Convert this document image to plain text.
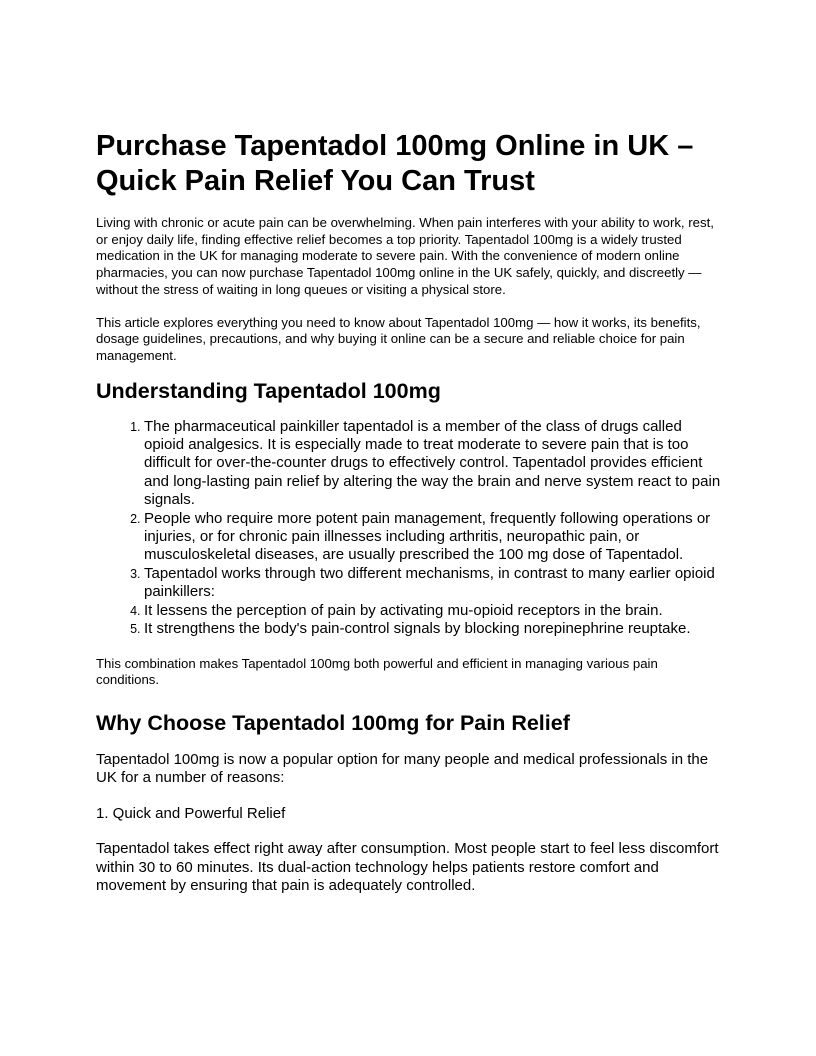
Purchase Tapentadol 100mg Online in UK – Quick Pain Relief You Can Trust

Living with chronic or acute pain can be overwhelming. When pain interferes with your ability to work, rest, or enjoy daily life, finding effective relief becomes a top priority. Tapentadol 100mg is a widely trusted medication in the UK for managing moderate to severe pain. With the convenience of modern online pharmacies, you can now purchase Tapentadol 100mg online in the UK safely, quickly, and discreetly — without the stress of waiting in long queues or visiting a physical store.

This article explores everything you need to know about Tapentadol 100mg — how it works, its benefits, dosage guidelines, precautions, and why buying it online can be a secure and reliable choice for pain management.

Understanding Tapentadol 100mg
1. The pharmaceutical painkiller tapentadol is a member of the class of drugs called opioid analgesics. It is especially made to treat moderate to severe pain that is too difficult for over-the-counter drugs to effectively control. Tapentadol provides efficient and long-lasting pain relief by altering the way the brain and nerve system react to pain signals.
2. People who require more potent pain management, frequently following operations or injuries, or for chronic pain illnesses including arthritis, neuropathic pain, or musculoskeletal diseases, are usually prescribed the 100 mg dose of Tapentadol.
3. Tapentadol works through two different mechanisms, in contrast to many earlier opioid painkillers:
4. It lessens the perception of pain by activating mu-opioid receptors in the brain.
5. It strengthens the body's pain-control signals by blocking norepinephrine reuptake.

This combination makes Tapentadol 100mg both powerful and efficient in managing various pain conditions.

Why Choose Tapentadol 100mg for Pain Relief

Tapentadol 100mg is now a popular option for many people and medical professionals in the UK for a number of reasons:

1. Quick and Powerful Relief

Tapentadol takes effect right away after consumption. Most people start to feel less discomfort within 30 to 60 minutes. Its dual-action technology helps patients restore comfort and movement by ensuring that pain is adequately controlled.
